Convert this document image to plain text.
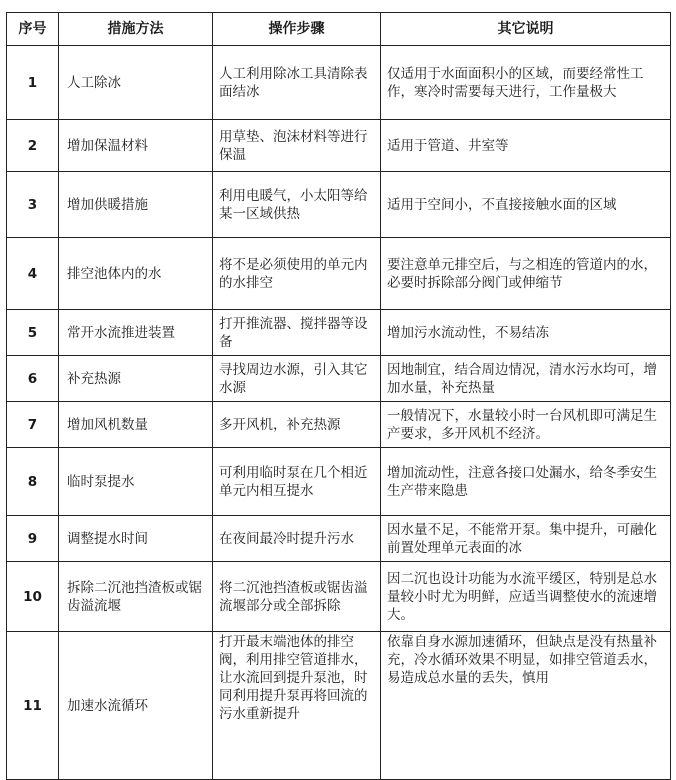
序号	措施方法	操作步骤	其它说明
1	人工除冰	人工利用除冰工具清除表面结冰	仅适用于水面面积小的区域，而要经常性工作，寒冷时需要每天进行，工作量极大
2	增加保温材料	用草垫、泡沫材料等进行保温	适用于管道、井室等
3	增加供暖措施	利用电暖气，小太阳等给某一区域供热	适用于空间小，不直接接触水面的区域
4	排空池体内的水	将不是必须使用的单元内的水排空	要注意单元排空后，与之相连的管道内的水，必要时拆除部分阀门或伸缩节
5	常开水流推进装置	打开推流器、搅拌器等设备	增加污水流动性，不易结冻
6	补充热源	寻找周边水源，引入其它水源	因地制宜，结合周边情况，清水污水均可，增加水量，补充热量
7	增加风机数量	多开风机，补充热源	一般情况下，水量较小时一台风机即可满足生产要求，多开风机不经济。
8	临时泵提水	可利用临时泵在几个相近单元内相互提水	增加流动性，注意各接口处漏水，给冬季安生生产带来隐患
9	调整提水时间	在夜间最冷时提升污水	因水量不足，不能常开泵。集中提升，可融化前置处理单元表面的冰
10	拆除二沉池挡渣板或锯齿溢流堰	将二沉池挡渣板或锯齿溢流堰部分或全部拆除	因二沉也设计功能为水流平缓区，特别是总水量较小时尤为明鲜，应适当调整使水的流速增大。
11	加速水流循环	打开最末端池体的排空阀，利用排空管道排水，让水流回到提升泵池，时同利用提升泵再将回流的污水重新提升	依靠自身水源加速循环，但缺点是没有热量补充，冷水循环效果不明显，如排空管道丢水，易造成总水量的丢失，慎用
